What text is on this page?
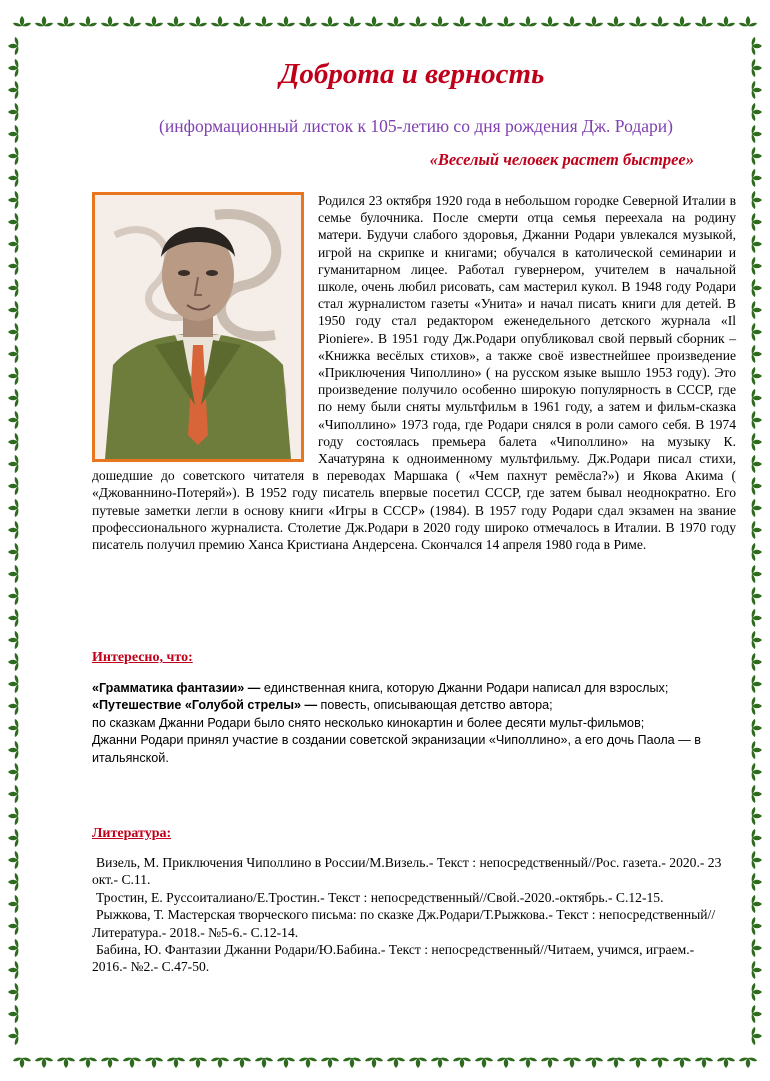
Доброта и верность
(информационный листок к 105-летию со дня рождения Дж. Родари)
«Веселый человек растет быстрее»
Родился 23 октября 1920 года в небольшом городке Северной Италии в семье булочника. После смерти отца семья переехала на родину матери. Будучи слабого здоровья, Джанни Родари увлекался музыкой, игрой на скрипке и книгами; обучался в католической семинарии и гуманитарном лицее. Работал гувернером, учителем в начальной школе, очень любил рисовать, сам мастерил кукол. В 1948 году Родари стал журналистом газеты «Унита» и начал писать книги для детей. В 1950 году стал редактором еженедельного детского журнала «Il Pioniere». В 1951 году Дж.Родари опубликовал свой первый сборник – «Книжка весёлых стихов», а также своё известнейшее произведение «Приключения Чиполлино» ( на русском языке вышло 1953 году). Это произведение получило особенно широкую популярность в СССР, где по нему были сняты мультфильм в 1961 году, а затем и фильм-сказка «Чиполлино» 1973 года, где Родари снялся в роли самого себя. В 1974 году состоялась премьера балета «Чиполлино» на музыку К. Хачатуряна к одноименному мультфильму. Дж.Родари писал стихи, дошедшие до советского читателя в переводах Маршака ( «Чем пахнут ремёсла?») и Якова Акима ( «Джованнино-Потеряй»). В 1952 году писатель впервые посетил СССР, где затем бывал неоднократно. Его путевые заметки легли в основу книги «Игры в СССР» (1984). В 1957 году Родари сдал экзамен на звание профессионального журналиста. Столетие Дж.Родари в 2020 году широко отмечалось в Италии. В 1970 году писатель получил премию Ханса Кристиана Андерсена. Скончался 14 апреля 1980 года в Риме.
Интересно, что:

«Грамматика фантазии» — единственная книга, которую Джанни Родари написал для взрослых;

«Путешествие «Голубой стрелы» — повесть, описывающая детство автора;

по сказкам Джанни Родари было снято несколько кинокартин и более десяти мульт-фильмов;

Джанни Родари принял участие в создании советской экранизации «Чиполлино», а его дочь Паола — в итальянской.

Литература:

Визель, М. Приключения Чиполлино в России/М.Визель.- Текст : непосредственный//Рос. газета.- 2020.- 23 окт.- С.11.

Тростин, Е. Руссоиталиано/Е.Тростин.- Текст : непосредственный//Свой.-2020.-октябрь.- С.12-15.

Рыжкова, Т. Мастерская творческого письма: по сказке Дж.Родари/Т.Рыжкова.- Текст : непосредственный//Литература.- 2018.- №5-6.- С.12-14.

Бабина, Ю. Фантазии Джанни Родари/Ю.Бабина.- Текст : непосредственный//Читаем, учимся, играем.- 2016.- №2.- С.47-50.
